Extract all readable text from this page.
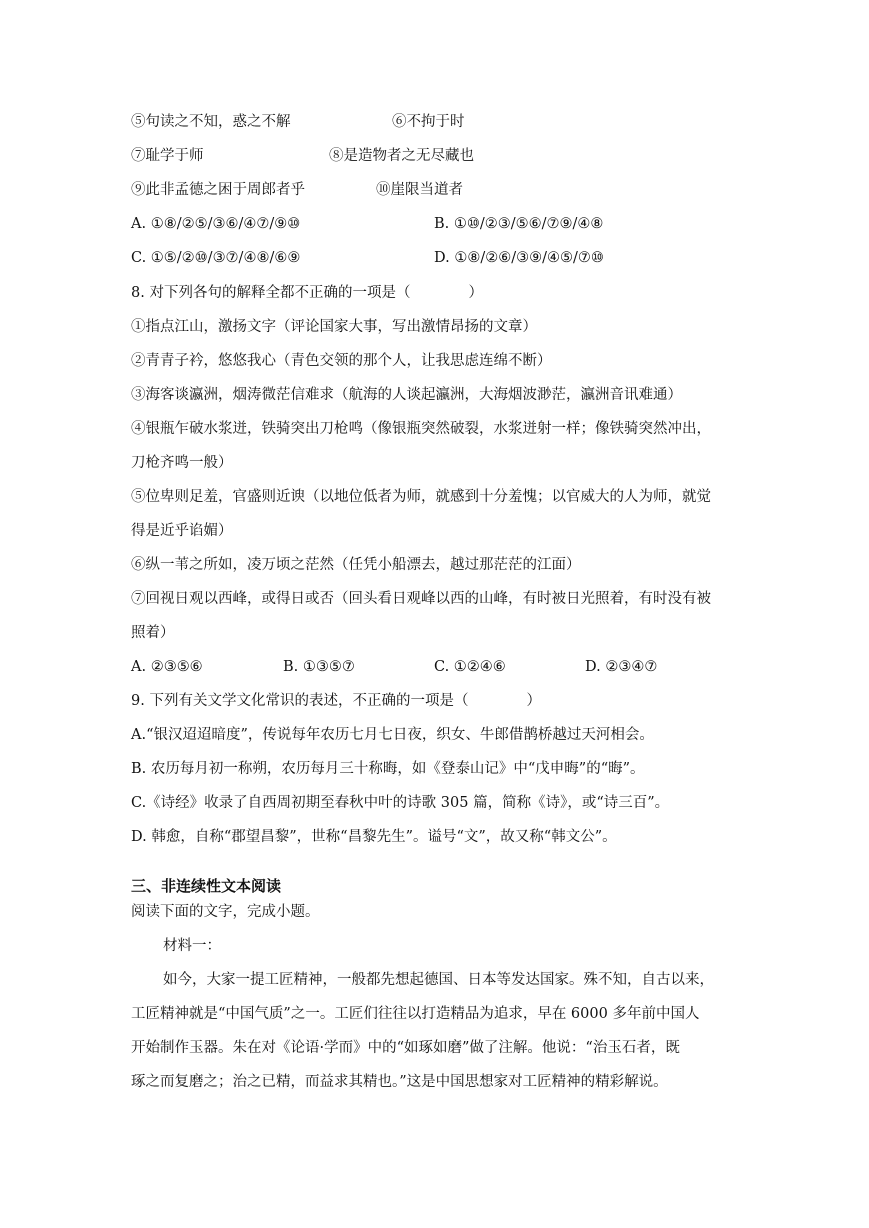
⑤句读之不知，惑之不解	⑥不拘于时
⑦耻学于师	⑧是造物者之无尽藏也
⑨此非孟德之困于周郎者乎	⑩崖限当道者
A. ①⑧/②⑤/③⑥/④⑦/⑨⑩	B. ①⑩/②③/⑤⑥/⑦⑨/④⑧
C. ①⑤/②⑩/③⑦/④⑧/⑥⑨	D. ①⑧/②⑥/③⑨/④⑤/⑦⑩
8. 对下列各句的解释全都不正确的一项是（　　　　）
①指点江山，激扬文字（评论国家大事，写出激情昂扬的文章）
②青青子衿，悠悠我心（青色交领的那个人，让我思虑连绵不断）
③海客谈瀛洲，烟涛微茫信难求（航海的人谈起瀛洲，大海烟波渺茫，瀛洲音讯难通）
④银瓶乍破水浆迸，铁骑突出刀枪鸣（像银瓶突然破裂，水浆迸射一样；像铁骑突然冲出，
刀枪齐鸣一般）
⑤位卑则足羞，官盛则近谀（以地位低者为师，就感到十分羞愧；以官威大的人为师，就觉
得是近乎谄媚）
⑥纵一苇之所如，凌万顷之茫然（任凭小船漂去，越过那茫茫的江面）
⑦回视日观以西峰，或得日或否（回头看日观峰以西的山峰，有时被日光照着，有时没有被
照着）
A. ②③⑤⑥	B. ①③⑤⑦	C. ①②④⑥	D. ②③④⑦
9. 下列有关文学文化常识的表述，不正确的一项是（　　　　）
A.“银汉迢迢暗度”，传说每年农历七月七日夜，织女、牛郎借鹊桥越过天河相会。
B. 农历每月初一称朔，农历每月三十称晦，如《登泰山记》中“戊申晦”的“晦”。
C.《诗经》收录了自西周初期至春秋中叶的诗歌 305 篇，简称《诗》，或“诗三百”。
D. 韩愈，自称“郡望昌黎”，世称“昌黎先生”。谥号“文”，故又称“韩文公”。
三、非连续性文本阅读
阅读下面的文字，完成小题。
材料一：
如今，大家一提工匠精神，一般都先想起德国、日本等发达国家。殊不知，自古以来，
工匠精神就是“中国气质”之一。工匠们往往以打造精品为追求，早在 6000 多年前中国人
开始制作玉器。朱在对《论语·学而》中的“如琢如磨”做了注解。他说：“治玉石者，既
琢之而复磨之；治之已精，而益求其精也。”这是中国思想家对工匠精神的精彩解说。
